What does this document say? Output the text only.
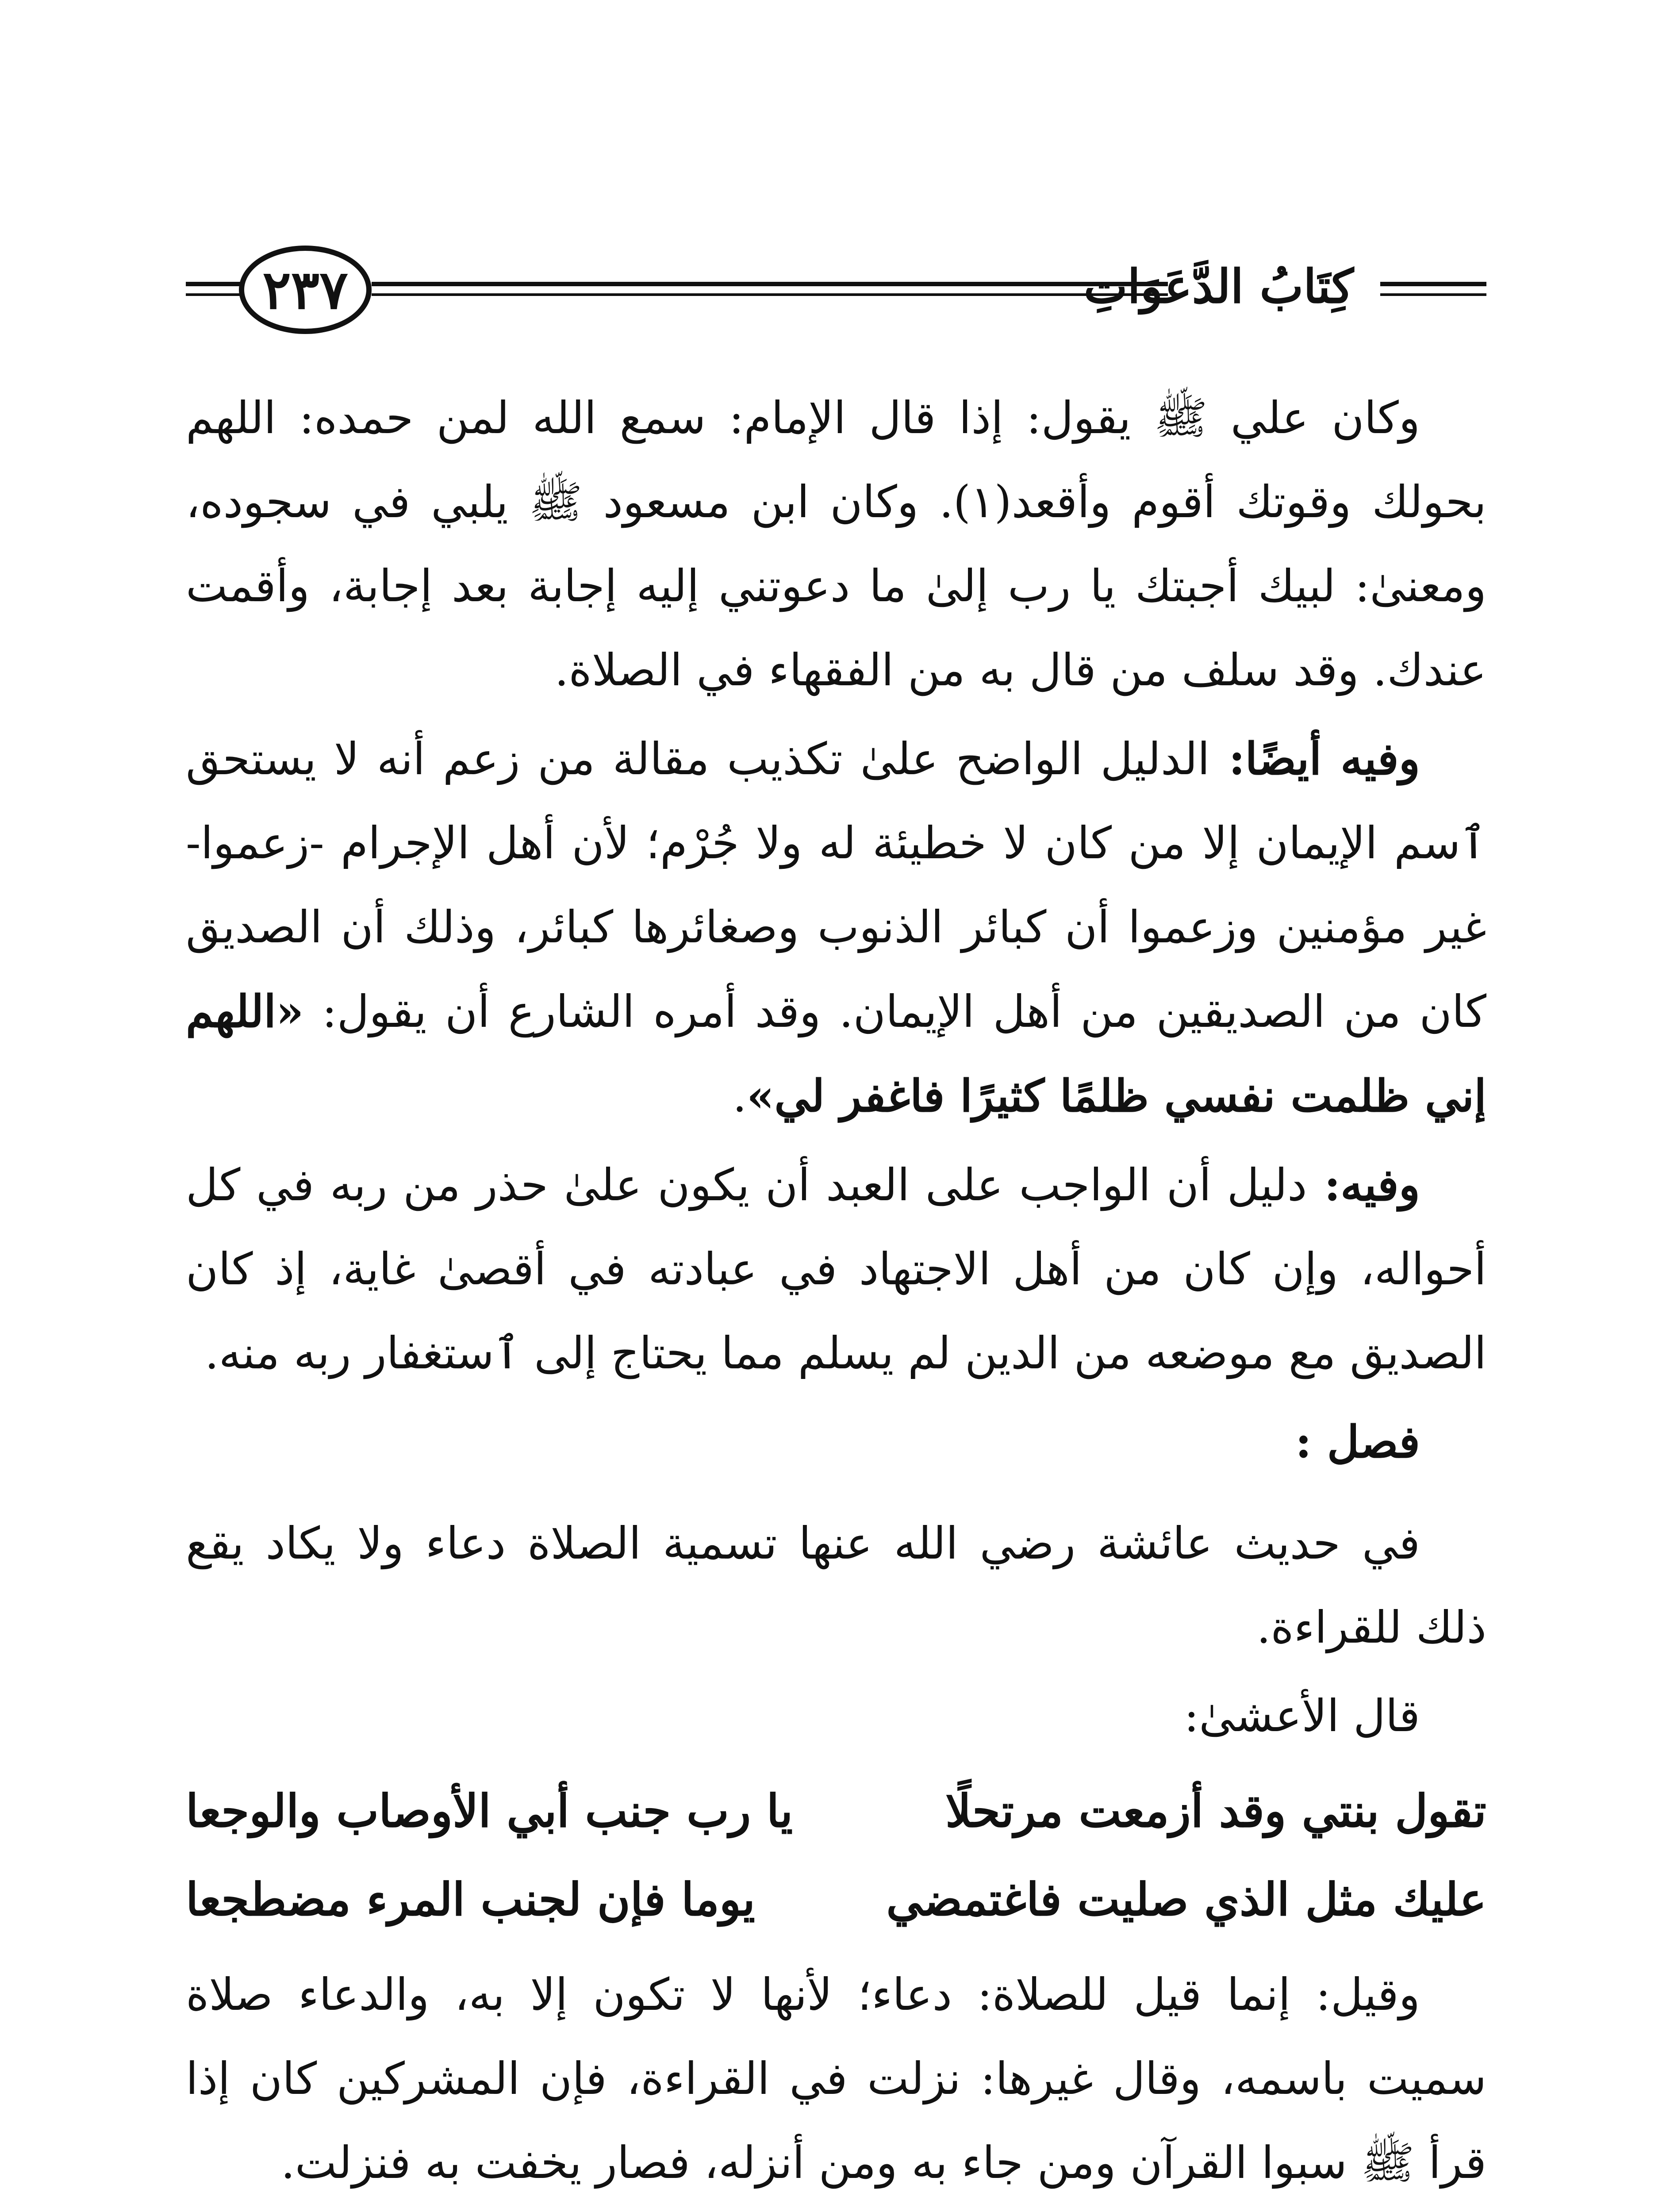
٢٣٧	كِتَابُ الدَّعَوَاتِ

وكان علي ﷺ يقول: إذا قال الإمام: سمع الله لمن حمده: اللهم بحولك وقوتك أقوم وأقعد(١). وكان ابن مسعود ﷺ يلبي في سجوده، ومعنىٰ: لبيك أجبتك يا رب إلىٰ ما دعوتني إليه إجابة بعد إجابة، وأقمت عندك. وقد سلف من قال به من الفقهاء في الصلاة.

وفيه أيضًا: الدليل الواضح علىٰ تكذيب مقالة من زعم أنه لا يستحق ٱسم الإيمان إلا من كان لا خطيئة له ولا جُرْم؛ لأن أهل الإجرام -زعموا- غير مؤمنين وزعموا أن كبائر الذنوب وصغائرها كبائر، وذلك أن الصديق كان من الصديقين من أهل الإيمان. وقد أمره الشارع أن يقول: «اللهم إني ظلمت نفسي ظلمًا كثيرًا فاغفر لي».

وفيه: دليل أن الواجب على العبد أن يكون علىٰ حذر من ربه في كل أحواله، وإن كان من أهل الاجتهاد في عبادته في أقصىٰ غاية، إذ كان الصديق مع موضعه من الدين لم يسلم مما يحتاج إلى ٱستغفار ربه منه.

فصل :

في حديث عائشة رضي الله عنها تسمية الصلاة دعاء ولا يكاد يقع ذلك للقراءة.

قال الأعشىٰ:

تقول بنتي وقد أزمعت مرتحلًا
يا رب جنب أبي الأوصاب والوجعا
عليك مثل الذي صليت فاغتمضي
يوما فإن لجنب المرء مضطجعا

وقيل: إنما قيل للصلاة: دعاء؛ لأنها لا تكون إلا به، والدعاء صلاة سميت باسمه، وقال غيرها: نزلت في القراءة، فإن المشركين كان إذا قرأ ﷺ سبوا القرآن ومن جاء به ومن أنزله، فصار يخفت به فنزلت.
